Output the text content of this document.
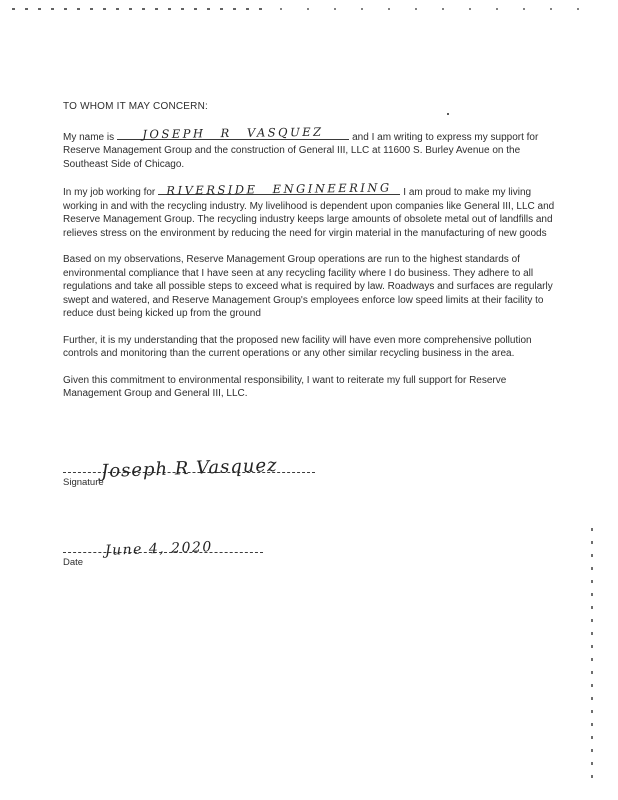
TO WHOM IT MAY CONCERN:

My name is JOSEPH R VASQUEZ	and I am writing to express my support for Reserve Management Group and the construction of General III, LLC at 11600 S. Burley Avenue on the Southeast Side of Chicago.

In my job working for RIVERSIDE ENGINEERING I am proud to make my living working in and with the recycling industry. My livelihood is dependent upon companies like General III, LLC and Reserve Management Group. The recycling industry keeps large amounts of obsolete metal out of landfills and relieves stress on the environment by reducing the need for virgin material in the manufacturing of new goods

Based on my observations, Reserve Management Group operations are run to the highest standards of environmental compliance that I have seen at any recycling facility where I do business. They adhere to all regulations and take all possible steps to exceed what is required by law. Roadways and surfaces are regularly swept and watered, and Reserve Management Group's employees enforce low speed limits at their facility to reduce dust being kicked up from the ground

Further, it is my understanding that the proposed new facility will have even more comprehensive pollution controls and monitoring than the current operations or any other similar recycling business in the area.

Given this commitment to environmental responsibility, I want to reiterate my full support for Reserve Management Group and General III, LLC.

Joseph R Vasquez
Signature
June 4, 2020
Date
